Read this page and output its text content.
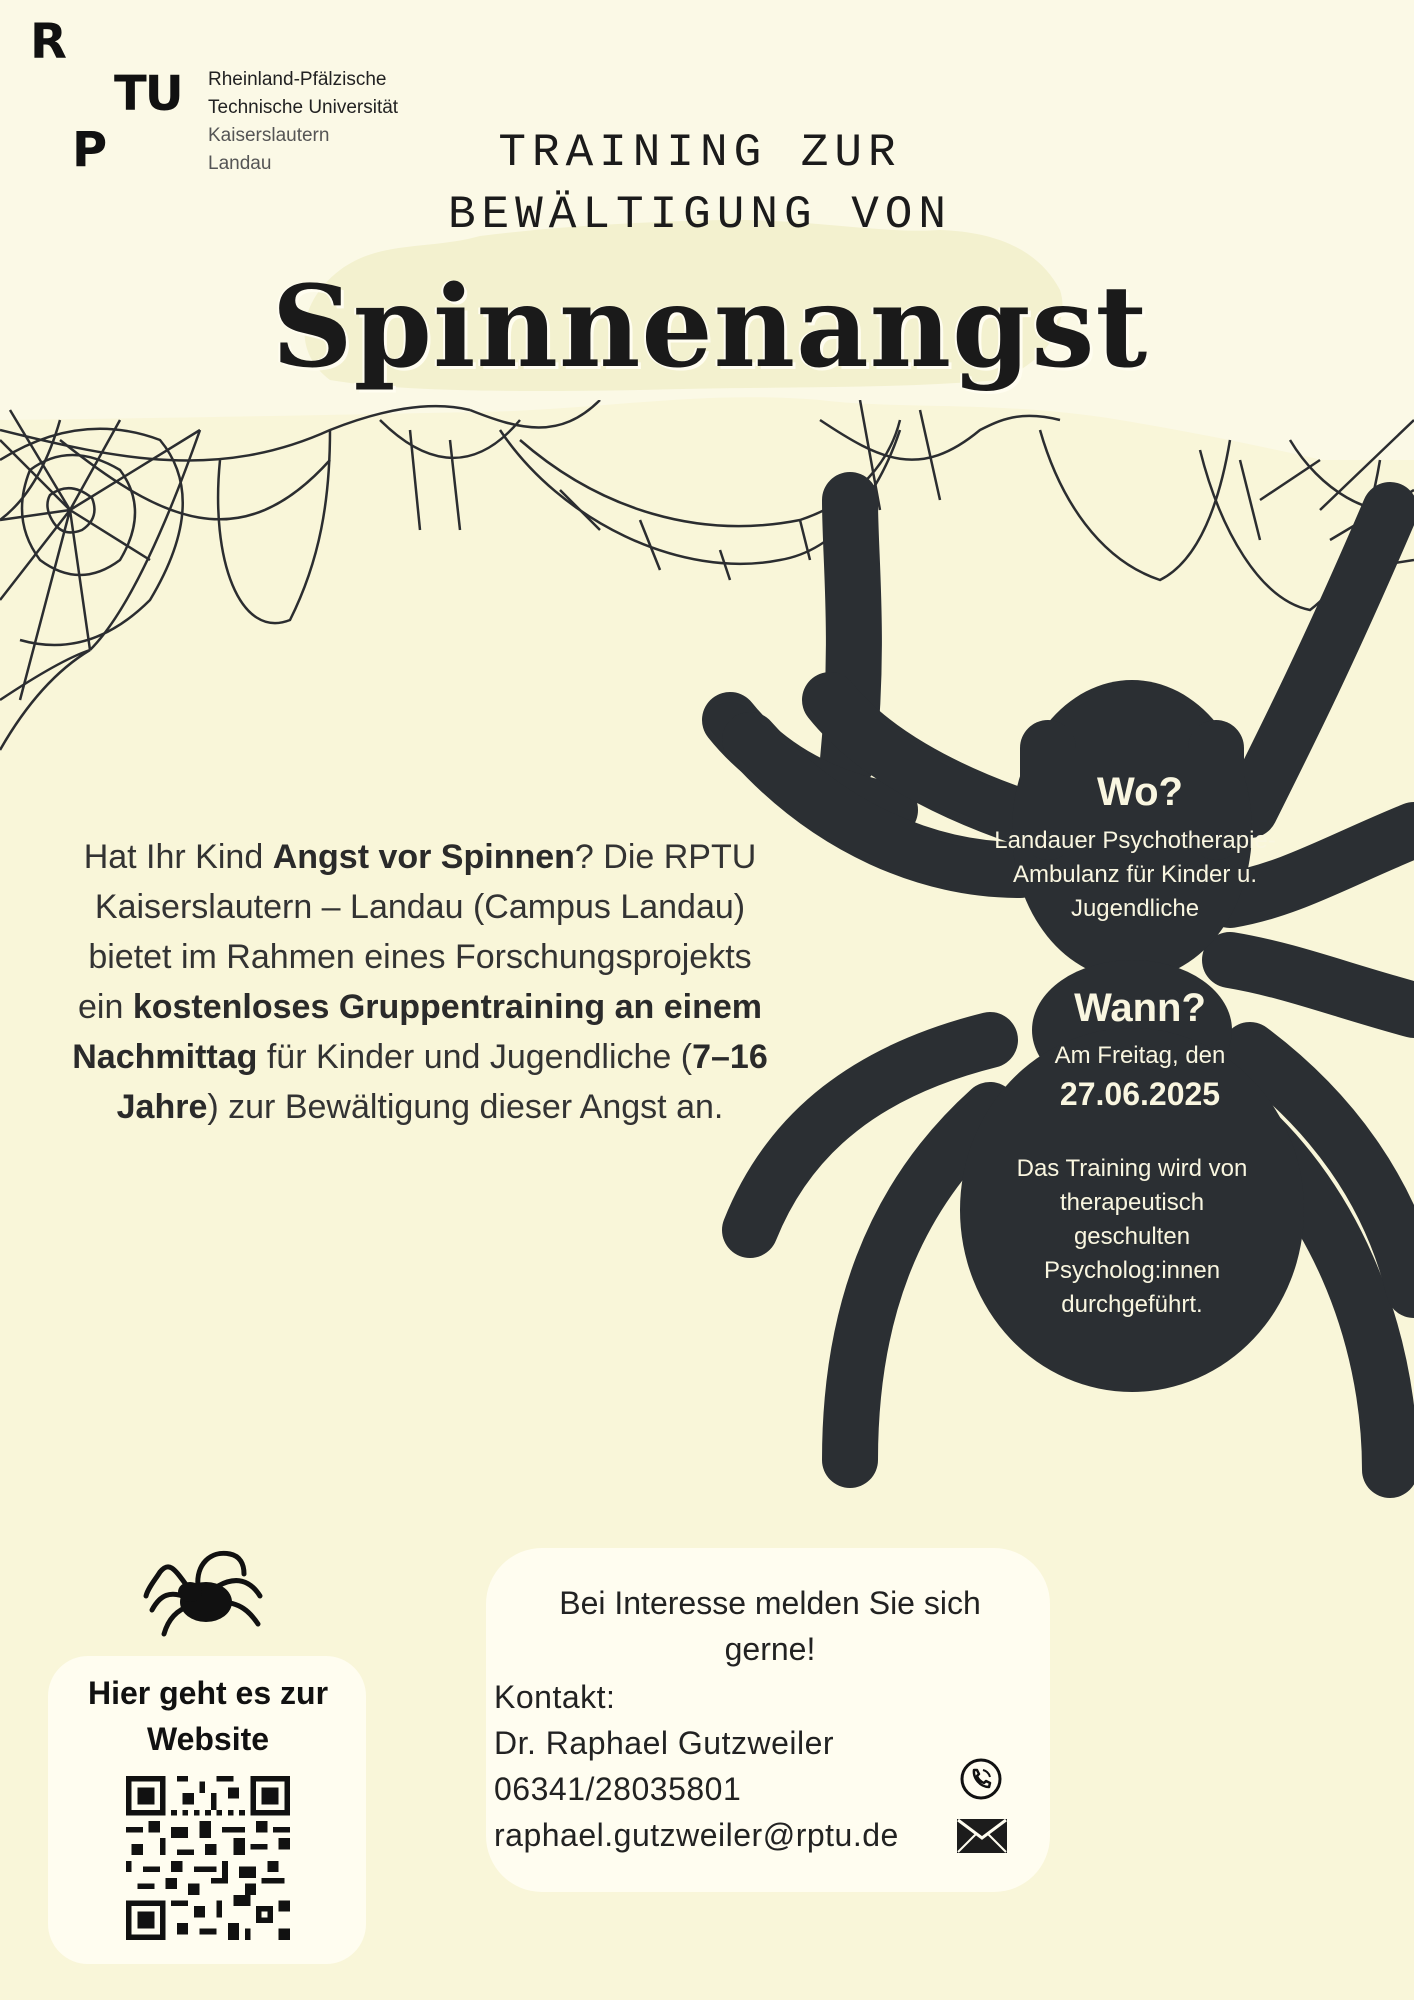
R
P
TU Rheinland-Pfälzische
Technische Universität
Kaiserslautern
Landau	TRAINING ZUR
BEWÄLTIGUNG VON
Spinnenangst
Wo?
Landauer Psychotherapie-Ambulanz für Kinder u. Jugendliche
Wann?
Am Freitag, den
27.06.2025
Das Training wird von therapeutisch geschulten Psycholog:innen durchgeführt.
Hat Ihr Kind Angst vor Spinnen? Die RPTU Kaiserslautern – Landau (Campus Landau) bietet im Rahmen eines Forschungsprojekts ein kostenloses Gruppentraining an einem Nachmittag für Kinder und Jugendliche (7–16 Jahre) zur Bewältigung dieser Angst an.
Hier geht es zur Website
Bei Interesse melden Sie sich gerne!
Kontakt:
Dr. Raphael Gutzweiler
06341/28035801
raphael.gutzweiler@rptu.de
